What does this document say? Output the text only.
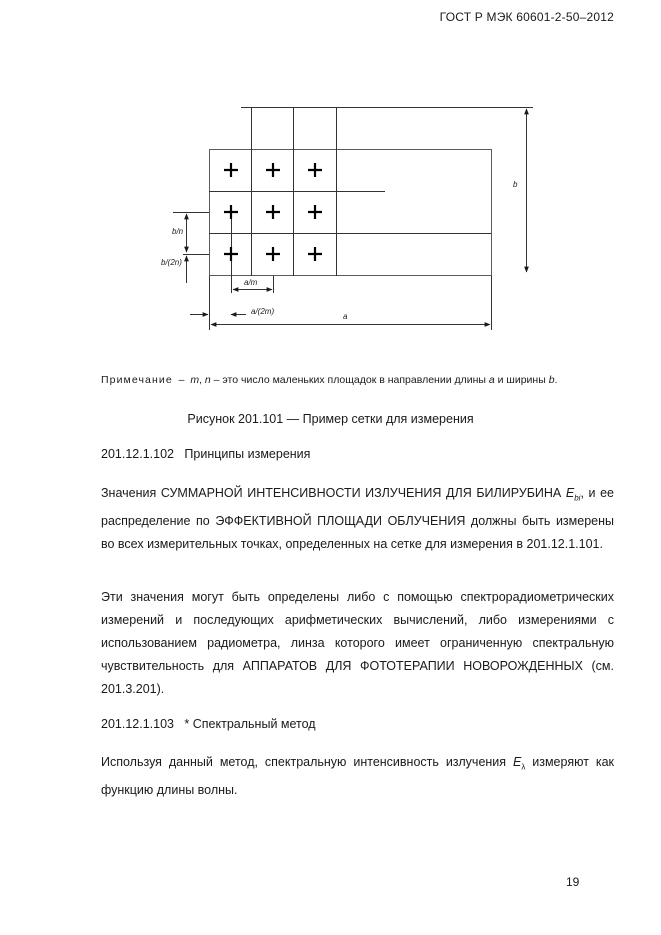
ГОСТ Р МЭК 60601-2-50–2012
b
b/n
b/(2n)
a/m
a/(2m)
a
Примечание – m, n – это число маленьких площадок в направлении длины a и ширины b.
Рисунок 201.101 — Пример сетки для измерения
201.12.1.102 Принципы измерения
Значения СУММАРНОЙ ИНТЕНСИВНОСТИ ИЗЛУЧЕНИЯ ДЛЯ БИЛИРУБИНА $E_{bi}$, и ее распределение по ЭФФЕКТИВНОЙ ПЛОЩАДИ ОБЛУЧЕНИЯ должны быть измерены во всех измерительных точках, определенных на сетке для измерения в 201.12.1.101.
Эти значения могут быть определены либо с помощью спектрорадиометрических измерений и последующих арифметических вычислений, либо измерениями с использованием радиометра, линза которого имеет ограниченную спектральную чувствительность для АППАРАТОВ ДЛЯ ФОТОТЕРАПИИ НОВОРОЖДЕННЫХ (см. 201.3.201).
201.12.1.103 * Спектральный метод
Используя данный метод, спектральную интенсивность излучения $E_\lambda$ измеряют как функцию длины волны.
19
